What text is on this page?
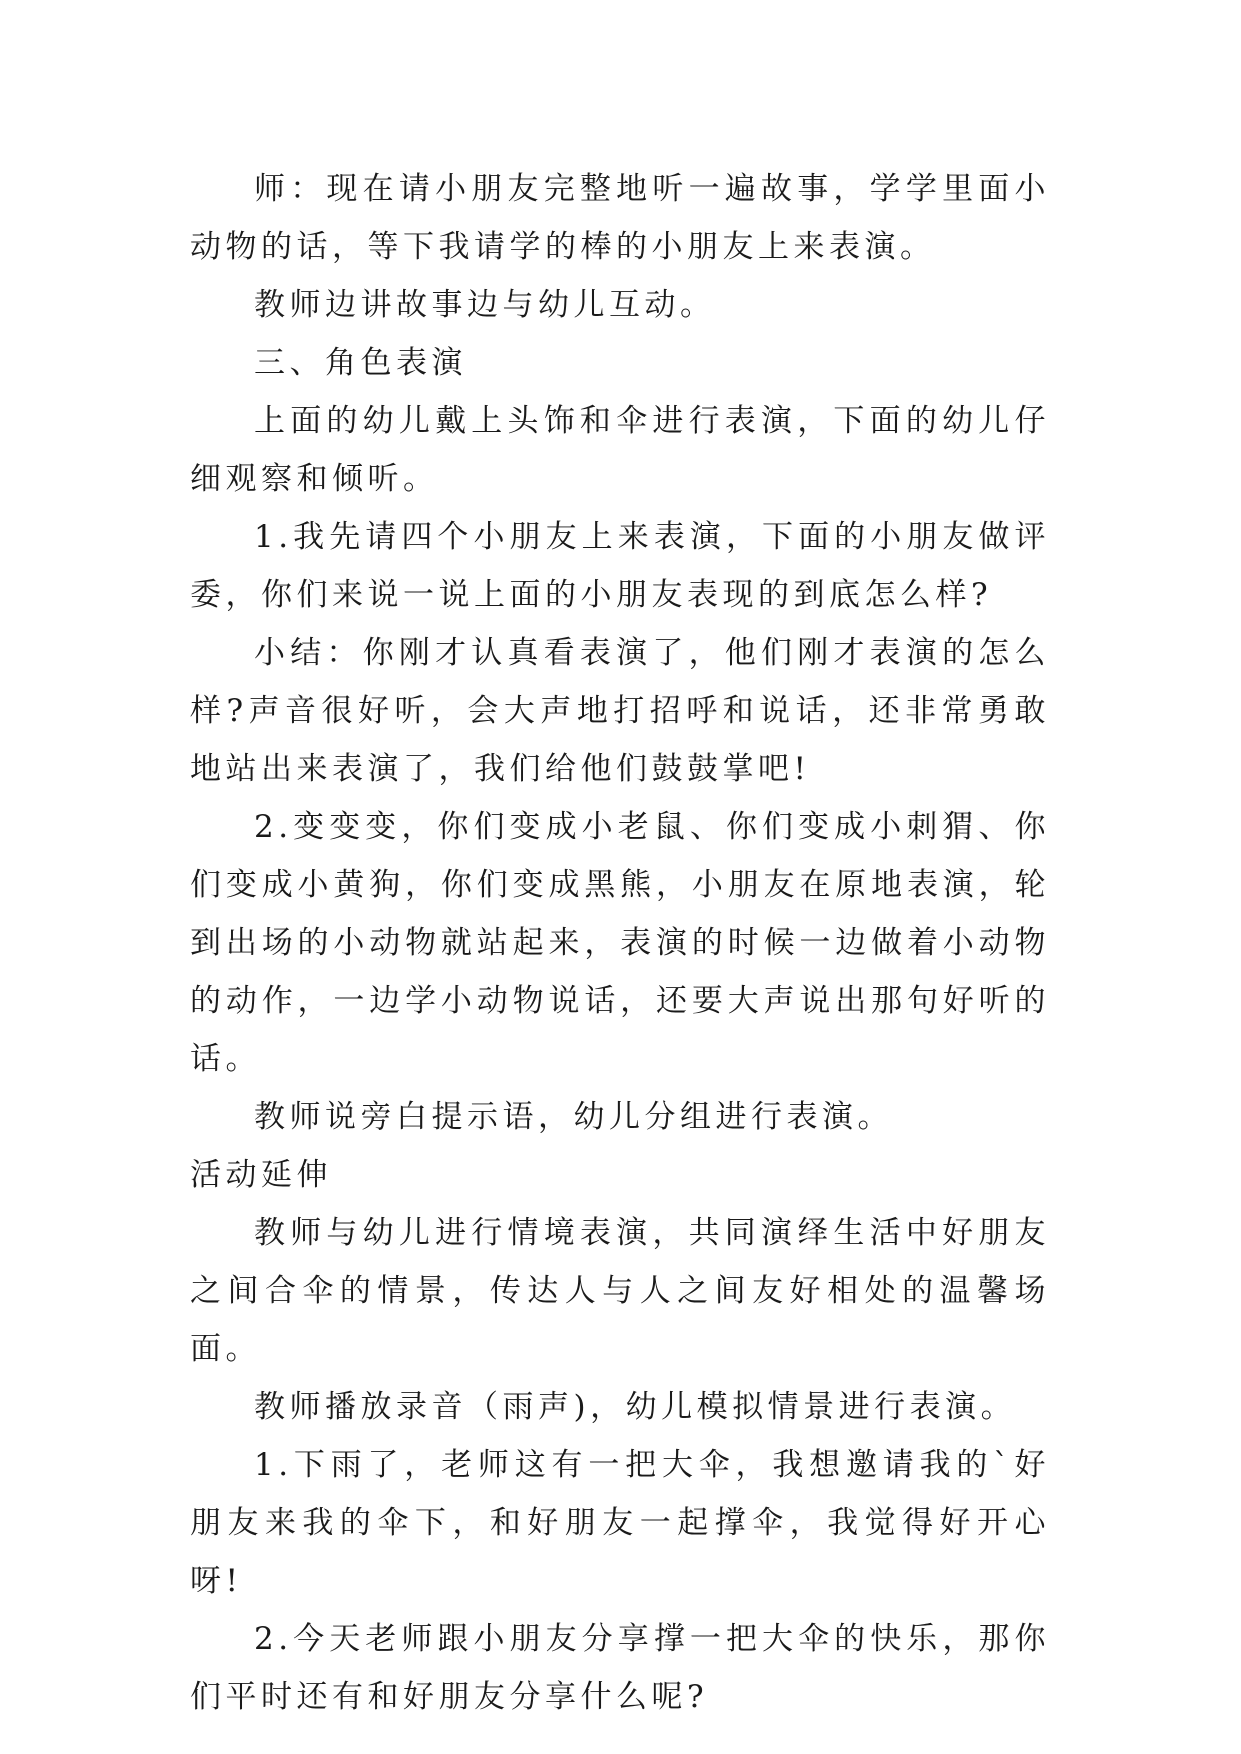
师：现在请小朋友完整地听一遍故事，学学里面小动物的话，等下我请学的棒的小朋友上来表演。

教师边讲故事边与幼儿互动。

三、角色表演

上面的幼儿戴上头饰和伞进行表演，下面的幼儿仔细观察和倾听。

1.我先请四个小朋友上来表演，下面的小朋友做评委，你们来说一说上面的小朋友表现的到底怎么样?

小结：你刚才认真看表演了，他们刚才表演的怎么样?声音很好听，会大声地打招呼和说话，还非常勇敢地站出来表演了，我们给他们鼓鼓掌吧!

2.变变变，你们变成小老鼠、你们变成小刺猬、你们变成小黄狗，你们变成黑熊，小朋友在原地表演，轮到出场的小动物就站起来，表演的时候一边做着小动物的动作，一边学小动物说话，还要大声说出那句好听的话。

教师说旁白提示语，幼儿分组进行表演。

活动延伸

教师与幼儿进行情境表演，共同演绎生活中好朋友之间合伞的情景，传达人与人之间友好相处的温馨场面。

教师播放录音（雨声)，幼儿模拟情景进行表演。

1.下雨了，老师这有一把大伞，我想邀请我的`好朋友来我的伞下，和好朋友一起撑伞，我觉得好开心呀!

2.今天老师跟小朋友分享撑一把大伞的快乐，那你们平时还有和好朋友分享什么呢?
